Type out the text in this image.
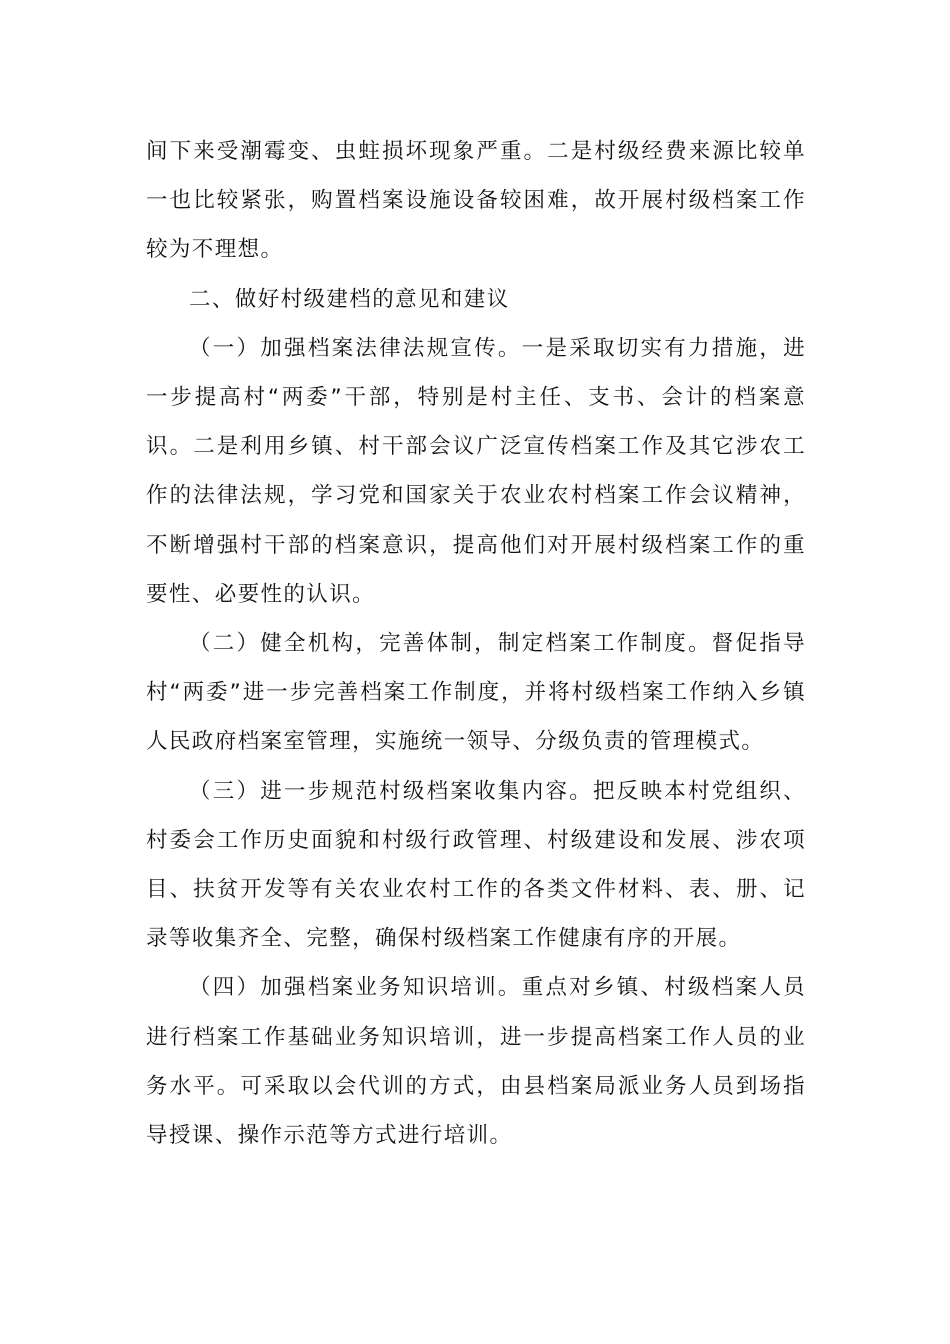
间下来受潮霉变、虫蛀损坏现象严重。二是村级经费来源比较单一也比较紧张，购置档案设施设备较困难，故开展村级档案工作较为不理想。

二、做好村级建档的意见和建议

（一）加强档案法律法规宣传。一是采取切实有力措施，进一步提高村“两委”干部，特别是村主任、支书、会计的档案意识。二是利用乡镇、村干部会议广泛宣传档案工作及其它涉农工作的法律法规，学习党和国家关于农业农村档案工作会议精神，不断增强村干部的档案意识，提高他们对开展村级档案工作的重要性、必要性的认识。

（二）健全机构，完善体制，制定档案工作制度。督促指导村“两委”进一步完善档案工作制度，并将村级档案工作纳入乡镇人民政府档案室管理，实施统一领导、分级负责的管理模式。

（三）进一步规范村级档案收集内容。把反映本村党组织、村委会工作历史面貌和村级行政管理、村级建设和发展、涉农项目、扶贫开发等有关农业农村工作的各类文件材料、表、册、记录等收集齐全、完整，确保村级档案工作健康有序的开展。

（四）加强档案业务知识培训。重点对乡镇、村级档案人员进行档案工作基础业务知识培训，进一步提高档案工作人员的业务水平。可采取以会代训的方式，由县档案局派业务人员到场指导授课、操作示范等方式进行培训。
